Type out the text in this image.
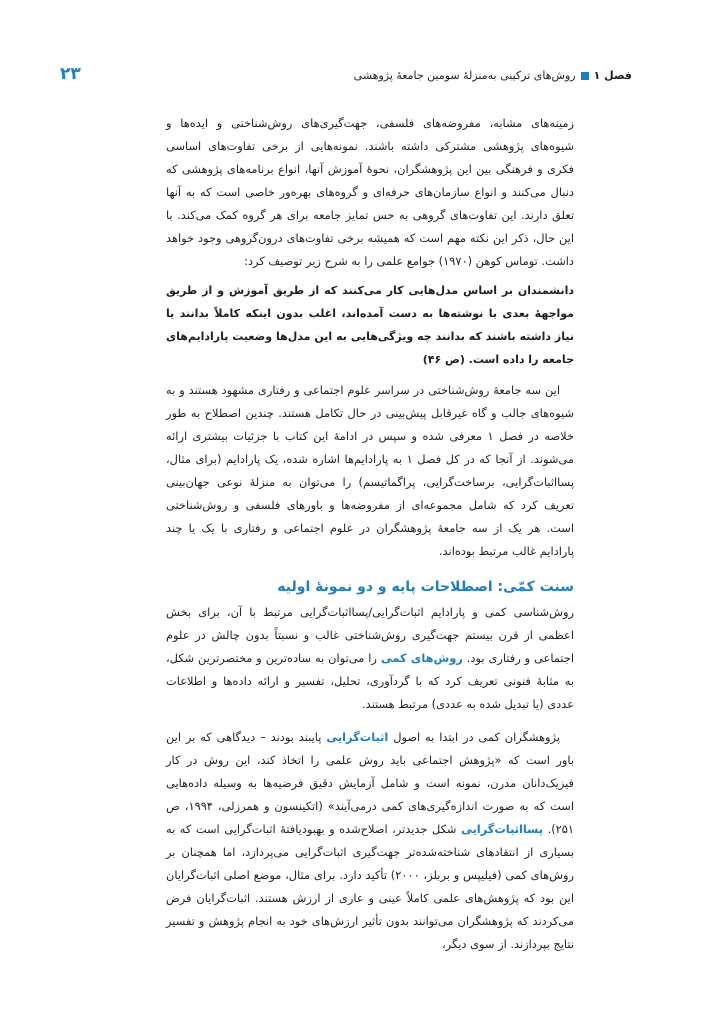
فصل ۱روش‌های ترکیبی به‌منزلهٔ سومین جامعهٔ پژوهشی
۲۳

زمینه‌های مشابه، مفروضه‌های فلسفی، جهت‌گیری‌های روش‌شناختی و ایده‌ها و شیوه‌های پژوهشی مشترکی داشته باشند. نمونه‌هایی از برخی تفاوت‌های اساسی فکری و فرهنگی بین این پژوهشگران، نحوهٔ آموزش آنها، انواع برنامه‌های پژوهشی که دنبال می‌کنند و انواع سازمان‌های حرفه‌ای و گروه‌های بهره‌ور خاصی است که به آنها تعلق دارند. این تفاوت‌های گروهی به حس تمایز جامعه برای هر گروه کمک می‌کند. با این حال، ذکر این نکته مهم است که همیشه برخی تفاوت‌های درون‌گروهی وجود خواهد داشت. توماس کوهن (۱۹۷۰) جوامع علمی را به شرح زیر توصیف کرد:

دانشمندان بر اساس مدل‌هایی کار می‌کنند که از طریق آموزش و از طریق مواجههٔ بعدی با نوشته‌ها به دست آمده‌اند، اغلب بدون اینکه کاملاً بدانند یا نیاز داشته باشند که بدانند چه ویژگی‌هایی به این مدل‌ها وضعیت پارادایم‌های جامعه را داده است. (ص ۴۶)

این سه جامعهٔ روش‌شناختی در سراسر علوم اجتماعی و رفتاری مشهود هستند و به شیوه‌های جالب و گاه غیرقابل پیش‌بینی در حال تکامل هستند. چندین اصطلاح به طور خلاصه در فصل ۱ معرفی شده و سپس در ادامهٔ این کتاب با جزئیات بیشتری ارائه می‌شوند. از آنجا که در کل فصل ۱ به پارادایم‌ها اشاره شده، یک پارادایم (برای مثال، پسااثبات‌گرایی، برساخت‌گرایی، پراگماتیسم) را می‌توان به منزلهٔ نوعی جهان‌بینی تعریف کرد که شامل مجموعه‌ای از مفروضه‌ها و باورهای فلسفی و روش‌شناختی است. هر یک از سه جامعهٔ پژوهشگران در علوم اجتماعی و رفتاری با یک یا چند پارادایم غالب مرتبط بوده‌اند.

سنت کمّی: اصطلاحات پایه و دو نمونهٔ اولیه

روش‌شناسی کمی و پارادایم اثبات‌گرایی/پسااثبات‌گرایی مرتبط با آن، برای بخش اعظمی از قرن بیستم جهت‌گیری روش‌شناختی غالب و نسبتاً بدون چالش در علوم اجتماعی و رفتاری بود. روش‌های کمی را می‌توان به ساده‌ترین و مختصرترین شکل، به مثابهٔ فنونی تعریف کرد که با گردآوری، تحلیل، تفسیر و ارائه داده‌ها و اطلاعات عددی (یا تبدیل شده به عددی) مرتبط هستند.

پژوهشگران کمی در ابتدا به اصول اثبات‌گرایی پایبند بودند – دیدگاهی که بر این باور است که «پژوهش اجتماعی باید روش علمی را اتخاذ کند، این روش در کار فیزیک‌دانان مدرن، نمونه است و شامل آزمایش دقیق فرضیه‌ها به وسیله داده‌هایی است که به صورت اندازه‌گیری‌های کمی درمی‌آیند» (اتکینسون و همرزلی، ۱۹۹۴، ص ۲۵۱). پسااثبات‌گرایی شکل جدیدتر، اصلاح‌شده و بهبودیافتهٔ اثبات‌گرایی است که به بسیاری از انتقادهای شناخته‌شده‌تر جهت‌گیری اثبات‌گرایی می‌پردازد، اما همچنان بر روش‌های کمی (فیلیپس و بربلز، ۲۰۰۰) تأکید دارد. برای مثال، موضع اصلی اثبات‌گرایان این بود که پژوهش‌های علمی کاملاً عینی و عاری از ارزش هستند. اثبات‌گرایان فرض می‌کردند که پژوهشگران می‌توانند بدون تأثیر ارزش‌های خود به انجام پژوهش و تفسیر نتایج بپردازند. از سوی دیگر،
